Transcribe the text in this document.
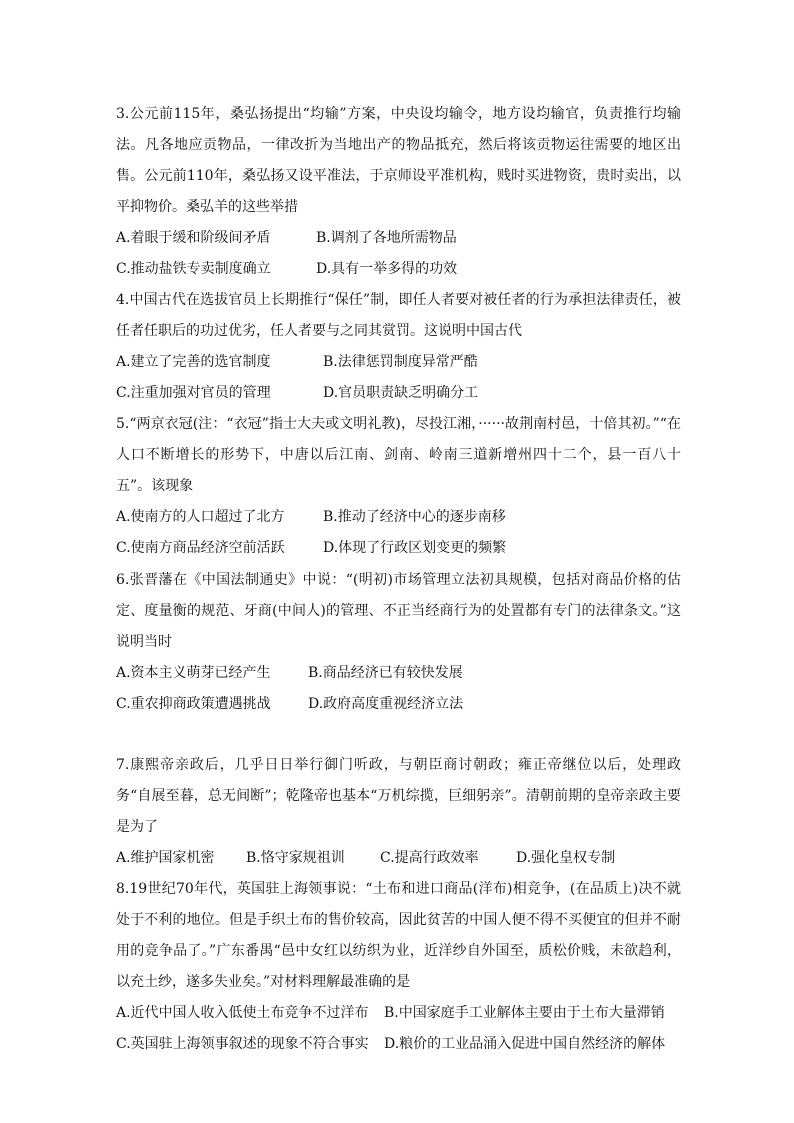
3.公元前115年，桑弘扬提出“均输”方案，中央设均输令，地方设均输官，负责推行均输法。凡各地应贡物品，一律改折为当地出产的物品抵充，然后将该贡物运往需要的地区出售。公元前110年，桑弘扬又设平准法，于京师设平准机构，贱时买进物资，贵时卖出，以平抑物价。桑弘羊的这些举措
A.着眼于缓和阶级间矛盾	B.调剂了各地所需物品
C.推动盐铁专卖制度确立	D.具有一举多得的功效
4.中国古代在选拔官员上长期推行“保任”制，即任人者要对被任者的行为承担法律责任，被任者任职后的功过优劣，任人者要与之同其赏罚。这说明中国古代
A.建立了完善的选官制度	B.法律惩罚制度异常严酷
C.注重加强对官员的管理	D.官员职责缺乏明确分工
5.“两京衣冠(注：“衣冠”指士大夫或文明礼教)，尽投江湘，······故荆南村邑，十倍其初。”“在人口不断增长的形势下，中唐以后江南、剑南、岭南三道新增州四十二个，县一百八十五”。该现象
A.使南方的人口超过了北方	B.推动了经济中心的逐步南移
C.使南方商品经济空前活跃	D.体现了行政区划变更的频繁
6.张晋藩在《中国法制通史》中说：“(明初)市场管理立法初具规模，包括对商品价格的估定、度量衡的规范、牙商(中间人)的管理、不正当经商行为的处置都有专门的法律条文。”这说明当时
A.资本主义萌芽已经产生	B.商品经济已有较快发展
C.重农抑商政策遭遇挑战	D.政府高度重视经济立法
7.康熙帝亲政后，几乎日日举行御门听政，与朝臣商讨朝政；雍正帝继位以后，处理政务“自展至暮，总无间断”；乾隆帝也基本“万机综揽，巨细躬亲”。清朝前期的皇帝亲政主要是为了
A.维护国家机密 B.恪守家规祖训	C.提高行政效率	D.强化皇权专制
8.19世纪70年代，英国驻上海领事说：“土布和进口商品(洋布)相竞争，(在品质上)决不就处于不利的地位。但是手织土布的售价较高，因此贫苦的中国人便不得不买便宜的但并不耐用的竞争品了。”广东番禺“邑中女红以纺织为业，近洋纱自外国至，质松价贱，未欲趋利，以充土纱，遂多失业矣。”对材料理解最准确的是
A.近代中国人收入低使土布竞争不过洋布 B.中国家庭手工业解体主要由于土布大量滞销
C.英国驻上海领事叙述的现象不符合事实 D.粮价的工业品涌入促进中国自然经济的解体
